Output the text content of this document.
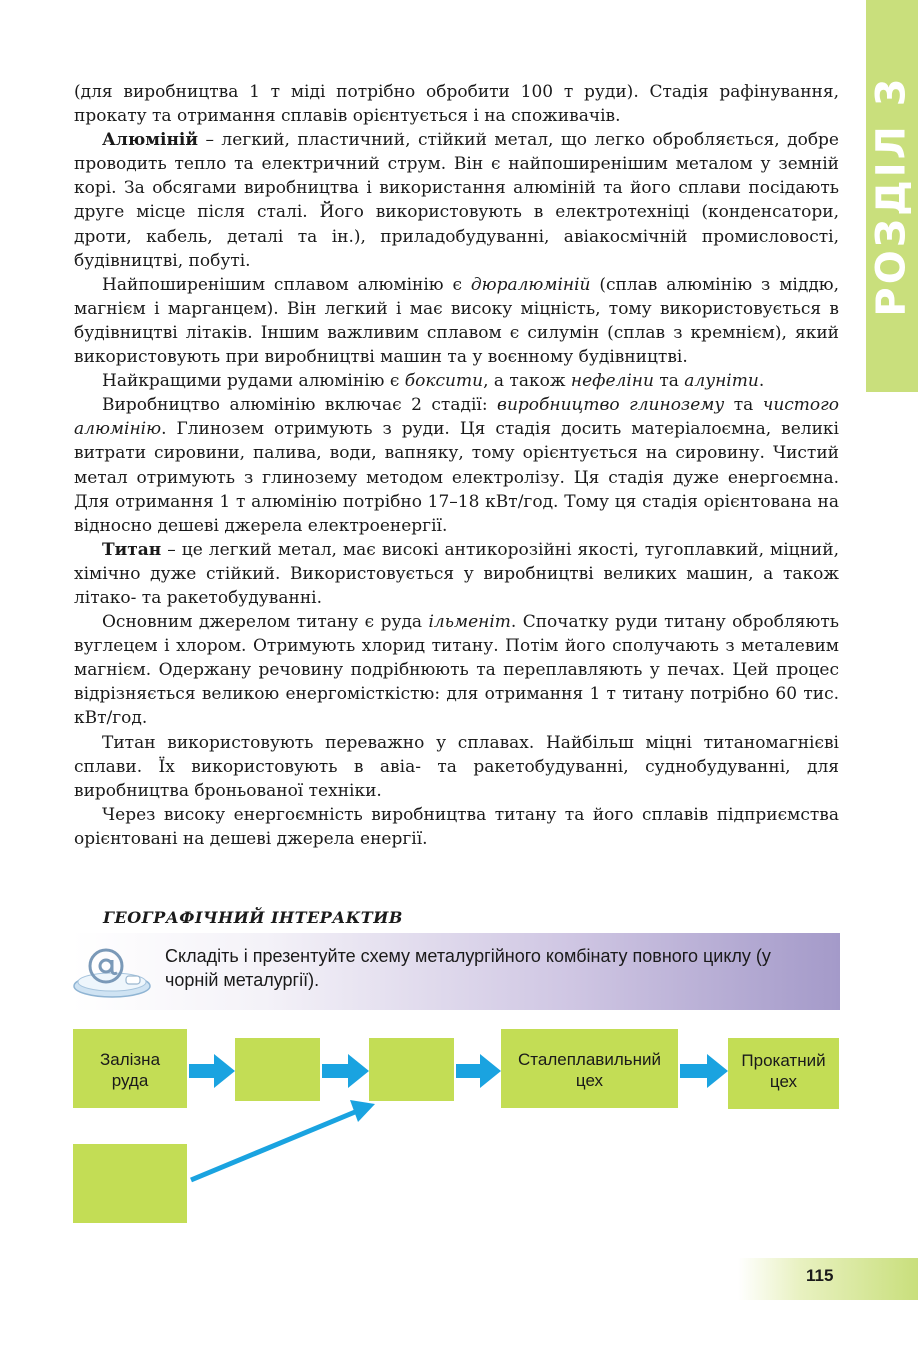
РОЗДІЛ 3

(для виробництва 1 т міді потрібно обробити 100 т руди). Стадія рафінування, прокату та отримання сплавів орієнтується і на споживачів.

Алюміній – легкий, пластичний, стійкий метал, що легко обробляється, добре проводить тепло та електричний струм. Він є найпоширенішим металом у земній корі. За обсягами виробництва і використання алюміній та його сплави посідають друге місце після сталі. Його використовують в електротехніці (конденсатори, дроти, кабель, деталі та ін.), приладобудуванні, авіакосмічній промисловості, будівництві, побуті.

Найпоширенішим сплавом алюмінію є дюралюміній (сплав алюмінію з міддю, магнієм і марганцем). Він легкий і має високу міцність, тому використовується в будівництві літаків. Іншим важливим сплавом є силумін (сплав з кремнієм), який використовують при виробництві машин та у воєнному будівництві.

Найкращими рудами алюмінію є боксити, а також нефеліни та алуніти.

Виробництво алюмінію включає 2 стадії: виробництво глинозему та чистого алюмінію. Глинозем отримують з руди. Ця стадія досить матеріалоємна, великі витрати сировини, палива, води, вапняку, тому орієнтується на сировину. Чистий метал отримують з глинозему методом електролізу. Ця стадія дуже енергоємна. Для отримання 1 т алюмінію потрібно 17–18 кВт/год. Тому ця стадія орієнтована на відносно дешеві джерела електроенергії.

Титан – це легкий метал, має високі антикорозійні якості, тугоплавкий, міцний, хімічно дуже стійкий. Використовується у виробництві великих машин, а також літако- та ракетобудуванні.

Основним джерелом титану є руда ільменіт. Спочатку руди титану обробляють вуглецем і хлором. Отримують хлорид титану. Потім його сполучають з металевим магнієм. Одержану речовину подрібнюють та переплавляють у печах. Цей процес відрізняється великою енергомісткістю: для отримання 1 т титану потрібно 60 тис. кВт/год.

Титан використовують переважно у сплавах. Найбільш міцні титаномагнієві сплави. Їх використовують в авіа- та ракетобудуванні, суднобудуванні, для виробництва броньованої техніки.

Через високу енергоємність виробництва титану та його сплавів підприємства орієнтовані на дешеві джерела енергії.

ГЕОГРАФІЧНИЙ ІНТЕРАКТИВ
Складіть і презентуйте схему металургійного комбінату повного циклу (у чорній металургії).
Залізна
руда
Сталеплавильний
цех
Прокатний
цех
115
